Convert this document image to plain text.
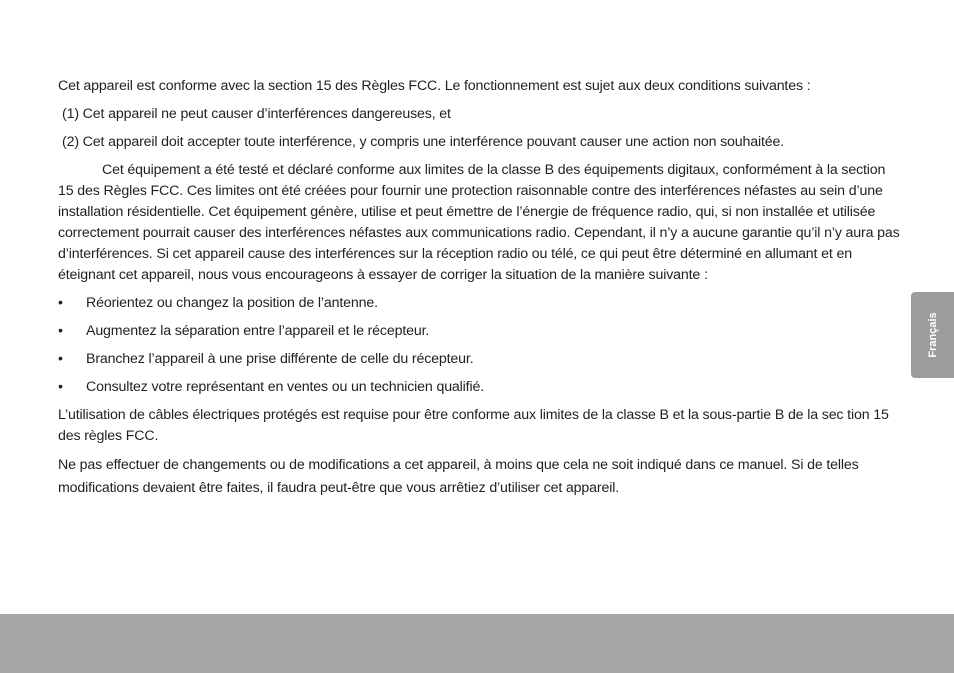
Cet appareil est conforme avec la section 15 des Règles FCC. Le fonctionnement est sujet aux deux conditions suivantes :

(1) Cet appareil ne peut causer d’interférences dangereuses, et

(2) Cet appareil doit accepter toute interférence, y compris une interférence pouvant causer une action non souhaitée.

Cet équipement a été testé et déclaré conforme aux limites de la classe B des équipements digitaux, conformément à la section 15 des Règles FCC. Ces limites ont été créées pour fournir une protection raisonnable contre des interférences néfastes au sein d’une installation résidentielle. Cet équipement génère, utilise et peut émettre de l’énergie de fréquence radio, qui, si non installée et utilisée correctement pourrait causer des interférences néfastes aux communications radio. Cependant, il n’y a aucune garantie qu’il n’y aura pas d’interférences. Si cet appareil cause des interférences sur la réception radio ou télé, ce qui peut être déterminé en allumant et en éteignant cet appareil, nous vous encourageons à essayer de corriger la situation de la manière suivante :

• Réorientez ou changez la position de l’antenne.
• Augmentez la séparation entre l’appareil et le récepteur.
• Branchez l’appareil à une prise différente de celle du récepteur.
• Consultez votre représentant en ventes ou un technicien qualifié.

L’utilisation de câbles électriques protégés est requise pour être conforme aux limites de la classe B et la sous-partie B de la sec tion 15 des règles FCC.

Ne pas effectuer de changements ou de modifications a cet appareil, à moins que cela ne soit indiqué dans ce manuel. Si de telles modifications devaient être faites, il faudra peut-être que vous arrêtiez d’utiliser cet appareil.

Français
